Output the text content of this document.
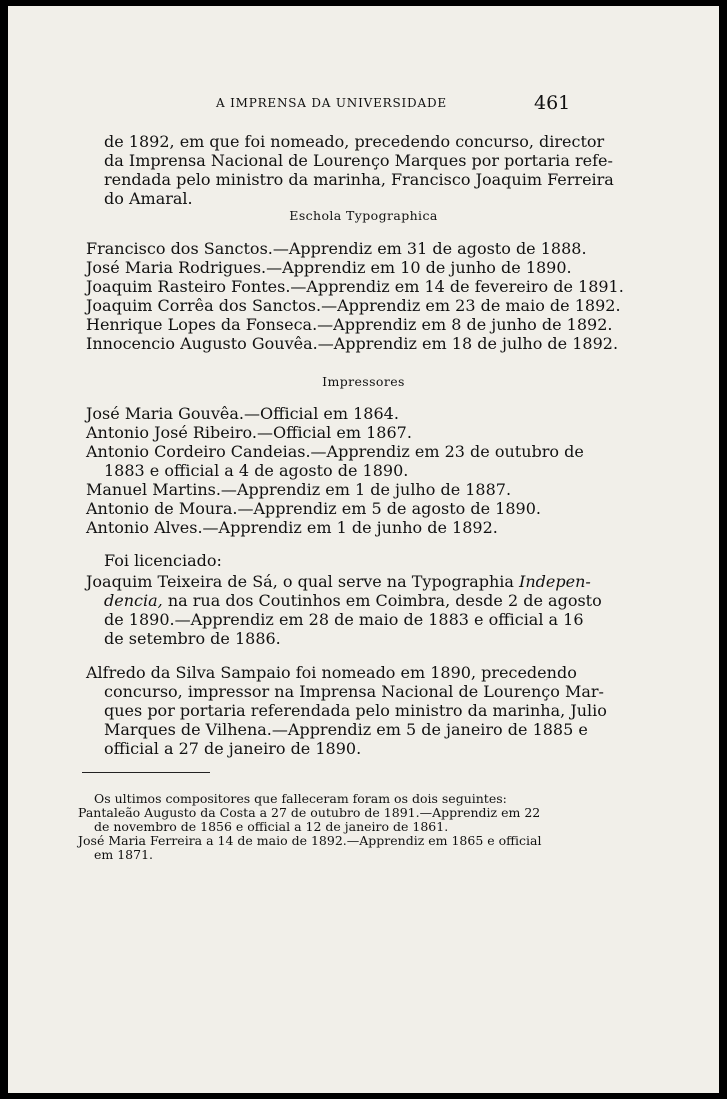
A IMPRENSA DA UNIVERSIDADE	461
de 1892, em que foi nomeado, precedendo concurso, director
da Imprensa Nacional de Lourenço Marques por portaria refe-
rendada pelo ministro da marinha, Francisco Joaquim Ferreira
do Amaral.
Eschola Typographica
Francisco dos Sanctos.—Apprendiz em 31 de agosto de 1888.
José Maria Rodrigues.—Apprendiz em 10 de junho de 1890.
Joaquim Rasteiro Fontes.—Apprendiz em 14 de fevereiro de 1891.
Joaquim Corrêa dos Sanctos.—Apprendiz em 23 de maio de 1892.
Henrique Lopes da Fonseca.—Apprendiz em 8 de junho de 1892.
Innocencio Augusto Gouvêa.—Apprendiz em 18 de julho de 1892.
Impressores
José Maria Gouvêa.—Official em 1864.
Antonio José Ribeiro.—Official em 1867.
Antonio Cordeiro Candeias.—Apprendiz em 23 de outubro de
1883 e official a 4 de agosto de 1890.
Manuel Martins.—Apprendiz em 1 de julho de 1887.
Antonio de Moura.—Apprendiz em 5 de agosto de 1890.
Antonio Alves.—Apprendiz em 1 de junho de 1892.
Foi licenciado:
Joaquim Teixeira de Sá, o qual serve na Typographia Indepen-
dencia, na rua dos Coutinhos em Coimbra, desde 2 de agosto
de 1890.—Apprendiz em 28 de maio de 1883 e official a 16
de setembro de 1886.
Alfredo da Silva Sampaio foi nomeado em 1890, precedendo
concurso, impressor na Imprensa Nacional de Lourenço Mar-
ques por portaria referendada pelo ministro da marinha, Julio
Marques de Vilhena.—Apprendiz em 5 de janeiro de 1885 e
official a 27 de janeiro de 1890.
Os ultimos compositores que falleceram foram os dois seguintes:
Pantaleão Augusto da Costa a 27 de outubro de 1891.—Apprendiz em 22
de novembro de 1856 e official a 12 de janeiro de 1861.
José Maria Ferreira a 14 de maio de 1892.—Apprendiz em 1865 e official
em 1871.
